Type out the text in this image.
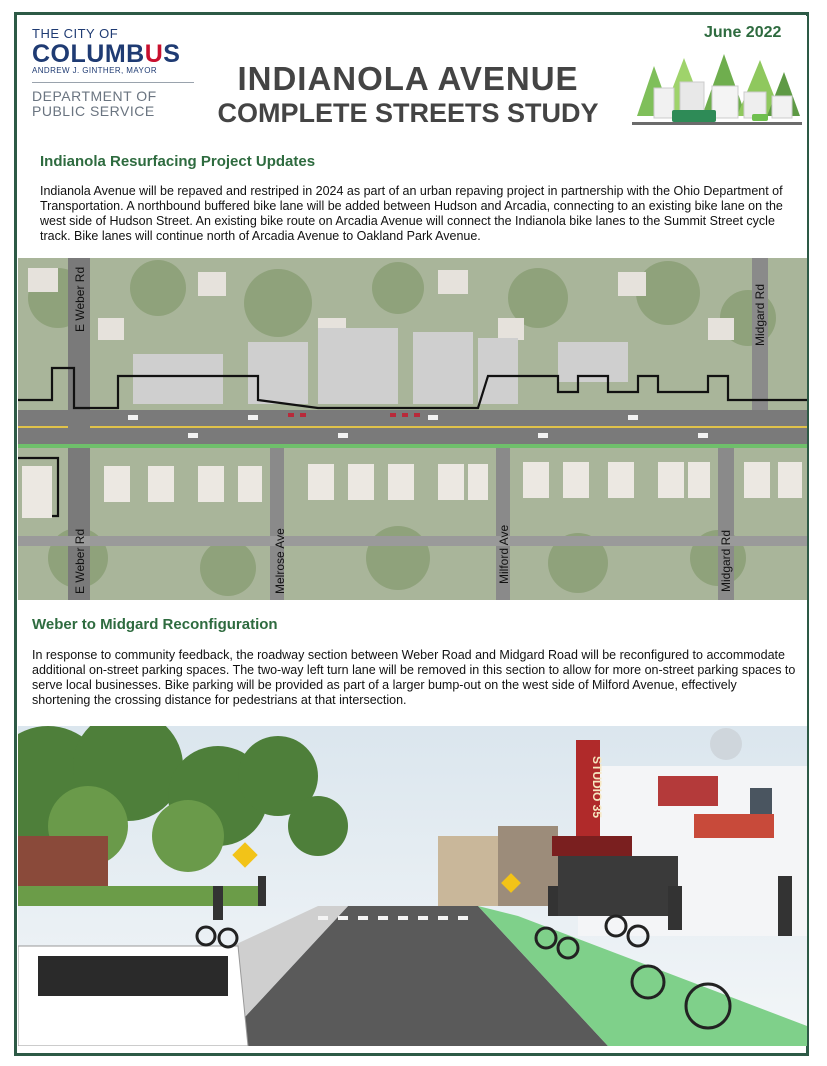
THE CITY OF
COLUMBUS
ANDREW J. GINTHER, MAYOR
DEPARTMENT OF
PUBLIC SERVICE
INDIANOLA AVENUE
COMPLETE STREETS STUDY
June 2022
Indianola Resurfacing Project Updates
Indianola Avenue will be repaved and restriped in 2024 as part of an urban repaving project in partnership with the Ohio Department of Transportation. A northbound buffered bike lane will be added between Hudson and Arcadia, connecting to an existing bike lane on the west side of Hudson Street. An existing bike route on Arcadia Avenue will connect the Indianola bike lanes to the Summit Street cycle track. Bike lanes will continue north of Arcadia Avenue to Oakland Park Avenue.
E Weber Rd	Midgard Rd
E Weber Rd	Melrose Ave	Milford Ave	Midgard Rd
Weber to Midgard Reconfiguration
In response to community feedback, the roadway section between Weber Road and Midgard Road will be reconfigured to accommodate additional on-street parking spaces. The two-way left turn lane will be removed in this section to allow for more on-street parking spaces to serve local businesses. Bike parking will be provided as part of a larger bump-out on the west side of Milford Avenue, effectively shortening the crossing distance for pedestrians at that intersection.
STUDIO 35
